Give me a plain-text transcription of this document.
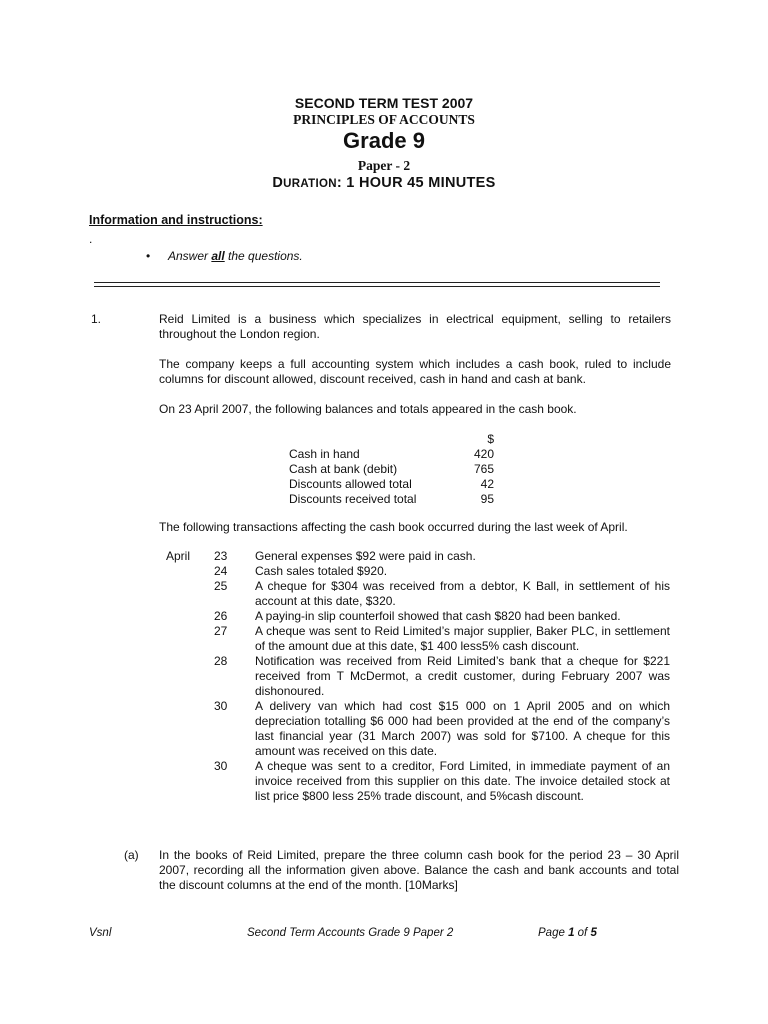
SECOND TERM TEST 2007
PRINCIPLES OF ACCOUNTS
Grade 9
Paper - 2
DURATION: 1 HOUR 45 MINUTES
Information and instructions:
.
•	Answer all the questions.
1.	Reid Limited is a business which specializes in electrical equipment, selling to retailers throughout the London region.
The company keeps a full accounting system which includes a cash book, ruled to include columns for discount allowed, discount received, cash in hand and cash at bank.
On 23 April 2007, the following balances and totals appeared in the cash book.
$
Cash in hand	420
Cash at bank (debit)	765
Discounts allowed total	42
Discounts received total	95
The following transactions affecting the cash book occurred during the last week of April.
April	23	General expenses $92 were paid in cash.
24	Cash sales totaled $920.
25	A cheque for $304 was received from a debtor, K Ball, in settlement of his account at this date, $320.
26	A paying-in slip counterfoil showed that cash $820 had been banked.
27	A cheque was sent to Reid Limited’s major supplier, Baker PLC, in settlement of the amount due at this date, $1 400 less5% cash discount.
28	Notification was received from Reid Limited’s bank that a cheque for $221 received from T McDermot, a credit customer, during February 2007 was dishonoured.
30	A delivery van which had cost $15 000 on 1 April 2005 and on which depreciation totalling $6 000 had been provided at the end of the company’s last financial year (31 March 2007) was sold for $7100. A cheque for this amount was received on this date.
30	A cheque was sent to a creditor, Ford Limited, in immediate payment of an invoice received from this supplier on this date. The invoice detailed stock at list price $800 less 25% trade discount, and 5%cash discount.
(a) In the books of Reid Limited, prepare the three column cash book for the period 23 – 30 April 2007, recording all the information given above. Balance the cash and bank accounts and total the discount columns at the end of the month. [10Marks]
Vsnl	Second Term Accounts Grade 9 Paper 2	Page 1 of 5
